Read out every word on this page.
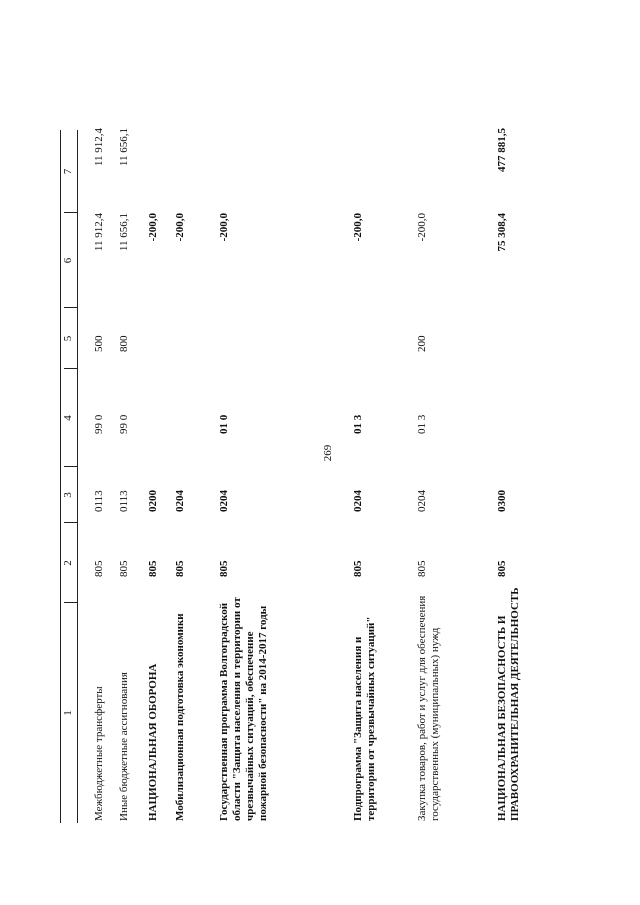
269
1
2
3
4
5
6
7
Межбюджетные трансферты
805
0113
99 0
500
11 912,4
11 912,4
Иные бюджетные ассигнования
805
0113
99 0
800
11 656,1
11 656,1
НАЦИОНАЛЬНАЯ ОБОРОНА
805
0200
-200,0
Мобилизационная подготовка экономики
805
0204
-200,0
Государственная программа Волгоградской области "Защита населения и территории от чрезвычайных ситуаций, обеспечение пожарной безопасности" на 2014-2017 годы
805
0204
01 0
-200,0
Подпрограмма "Защита населения и территории от чрезвычайных ситуаций"
805
0204
01 3
-200,0
Закупка товаров, работ и услуг для обеспечения государственных (муниципальных) нужд
805
0204
01 3
200
-200,0
НАЦИОНАЛЬНАЯ БЕЗОПАСНОСТЬ И ПРАВООХРАНИТЕЛЬНАЯ ДЕЯТЕЛЬНОСТЬ
805
0300
75 308,4
477 881,5
